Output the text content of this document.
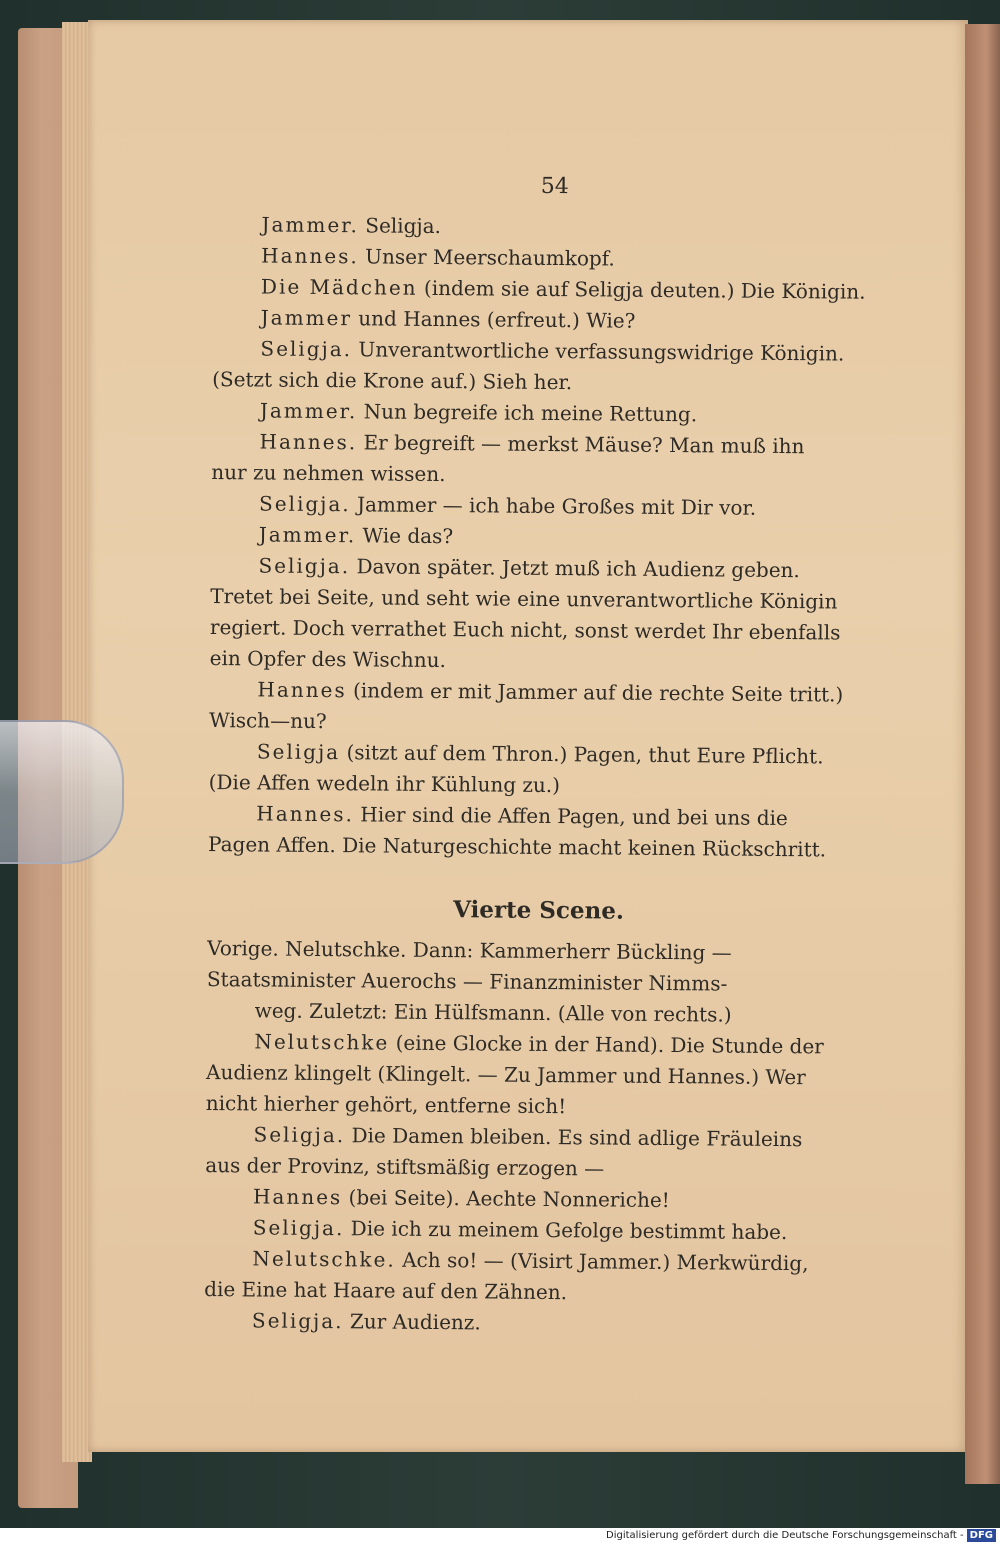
54
Jammer. Seligja.
Hannes. Unser Meerschaumkopf.
Die Mädchen (indem sie auf Seligja deuten.) Die Königin.
Jammer und Hannes (erfreut.) Wie?
Seligja. Unverantwortliche verfassungswidrige Königin.
(Setzt sich die Krone auf.) Sieh her.
Jammer. Nun begreife ich meine Rettung.
Hannes. Er begreift — merkst Mäuse? Man muß ihn
nur zu nehmen wissen.
Seligja. Jammer — ich habe Großes mit Dir vor.
Jammer. Wie das?
Seligja. Davon später. Jetzt muß ich Audienz geben.
Tretet bei Seite, und seht wie eine unverantwortliche Königin
regiert. Doch verrathet Euch nicht, sonst werdet Ihr ebenfalls
ein Opfer des Wischnu.
Hannes (indem er mit Jammer auf die rechte Seite tritt.)
Wisch—nu?
Seligja (sitzt auf dem Thron.) Pagen, thut Eure Pflicht.
(Die Affen wedeln ihr Kühlung zu.)
Hannes. Hier sind die Affen Pagen, und bei uns die
Pagen Affen. Die Naturgeschichte macht keinen Rückschritt.
Vierte Scene.
Vorige. Nelutschke. Dann: Kammerherr Bückling —
Staatsminister Auerochs — Finanzminister Nimms-
weg. Zuletzt: Ein Hülfsmann. (Alle von rechts.)
Nelutschke (eine Glocke in der Hand). Die Stunde der
Audienz klingelt (Klingelt. — Zu Jammer und Hannes.) Wer
nicht hierher gehört, entferne sich!
Seligja. Die Damen bleiben. Es sind adlige Fräuleins
aus der Provinz, stiftsmäßig erzogen —
Hannes (bei Seite). Aechte Nonneriche!
Seligja. Die ich zu meinem Gefolge bestimmt habe.
Nelutschke. Ach so! — (Visirt Jammer.) Merkwürdig,
die Eine hat Haare auf den Zähnen.
Seligja. Zur Audienz.
Digitalisierung gefördert durch die Deutsche Forschungsgemeinschaft - DFG
